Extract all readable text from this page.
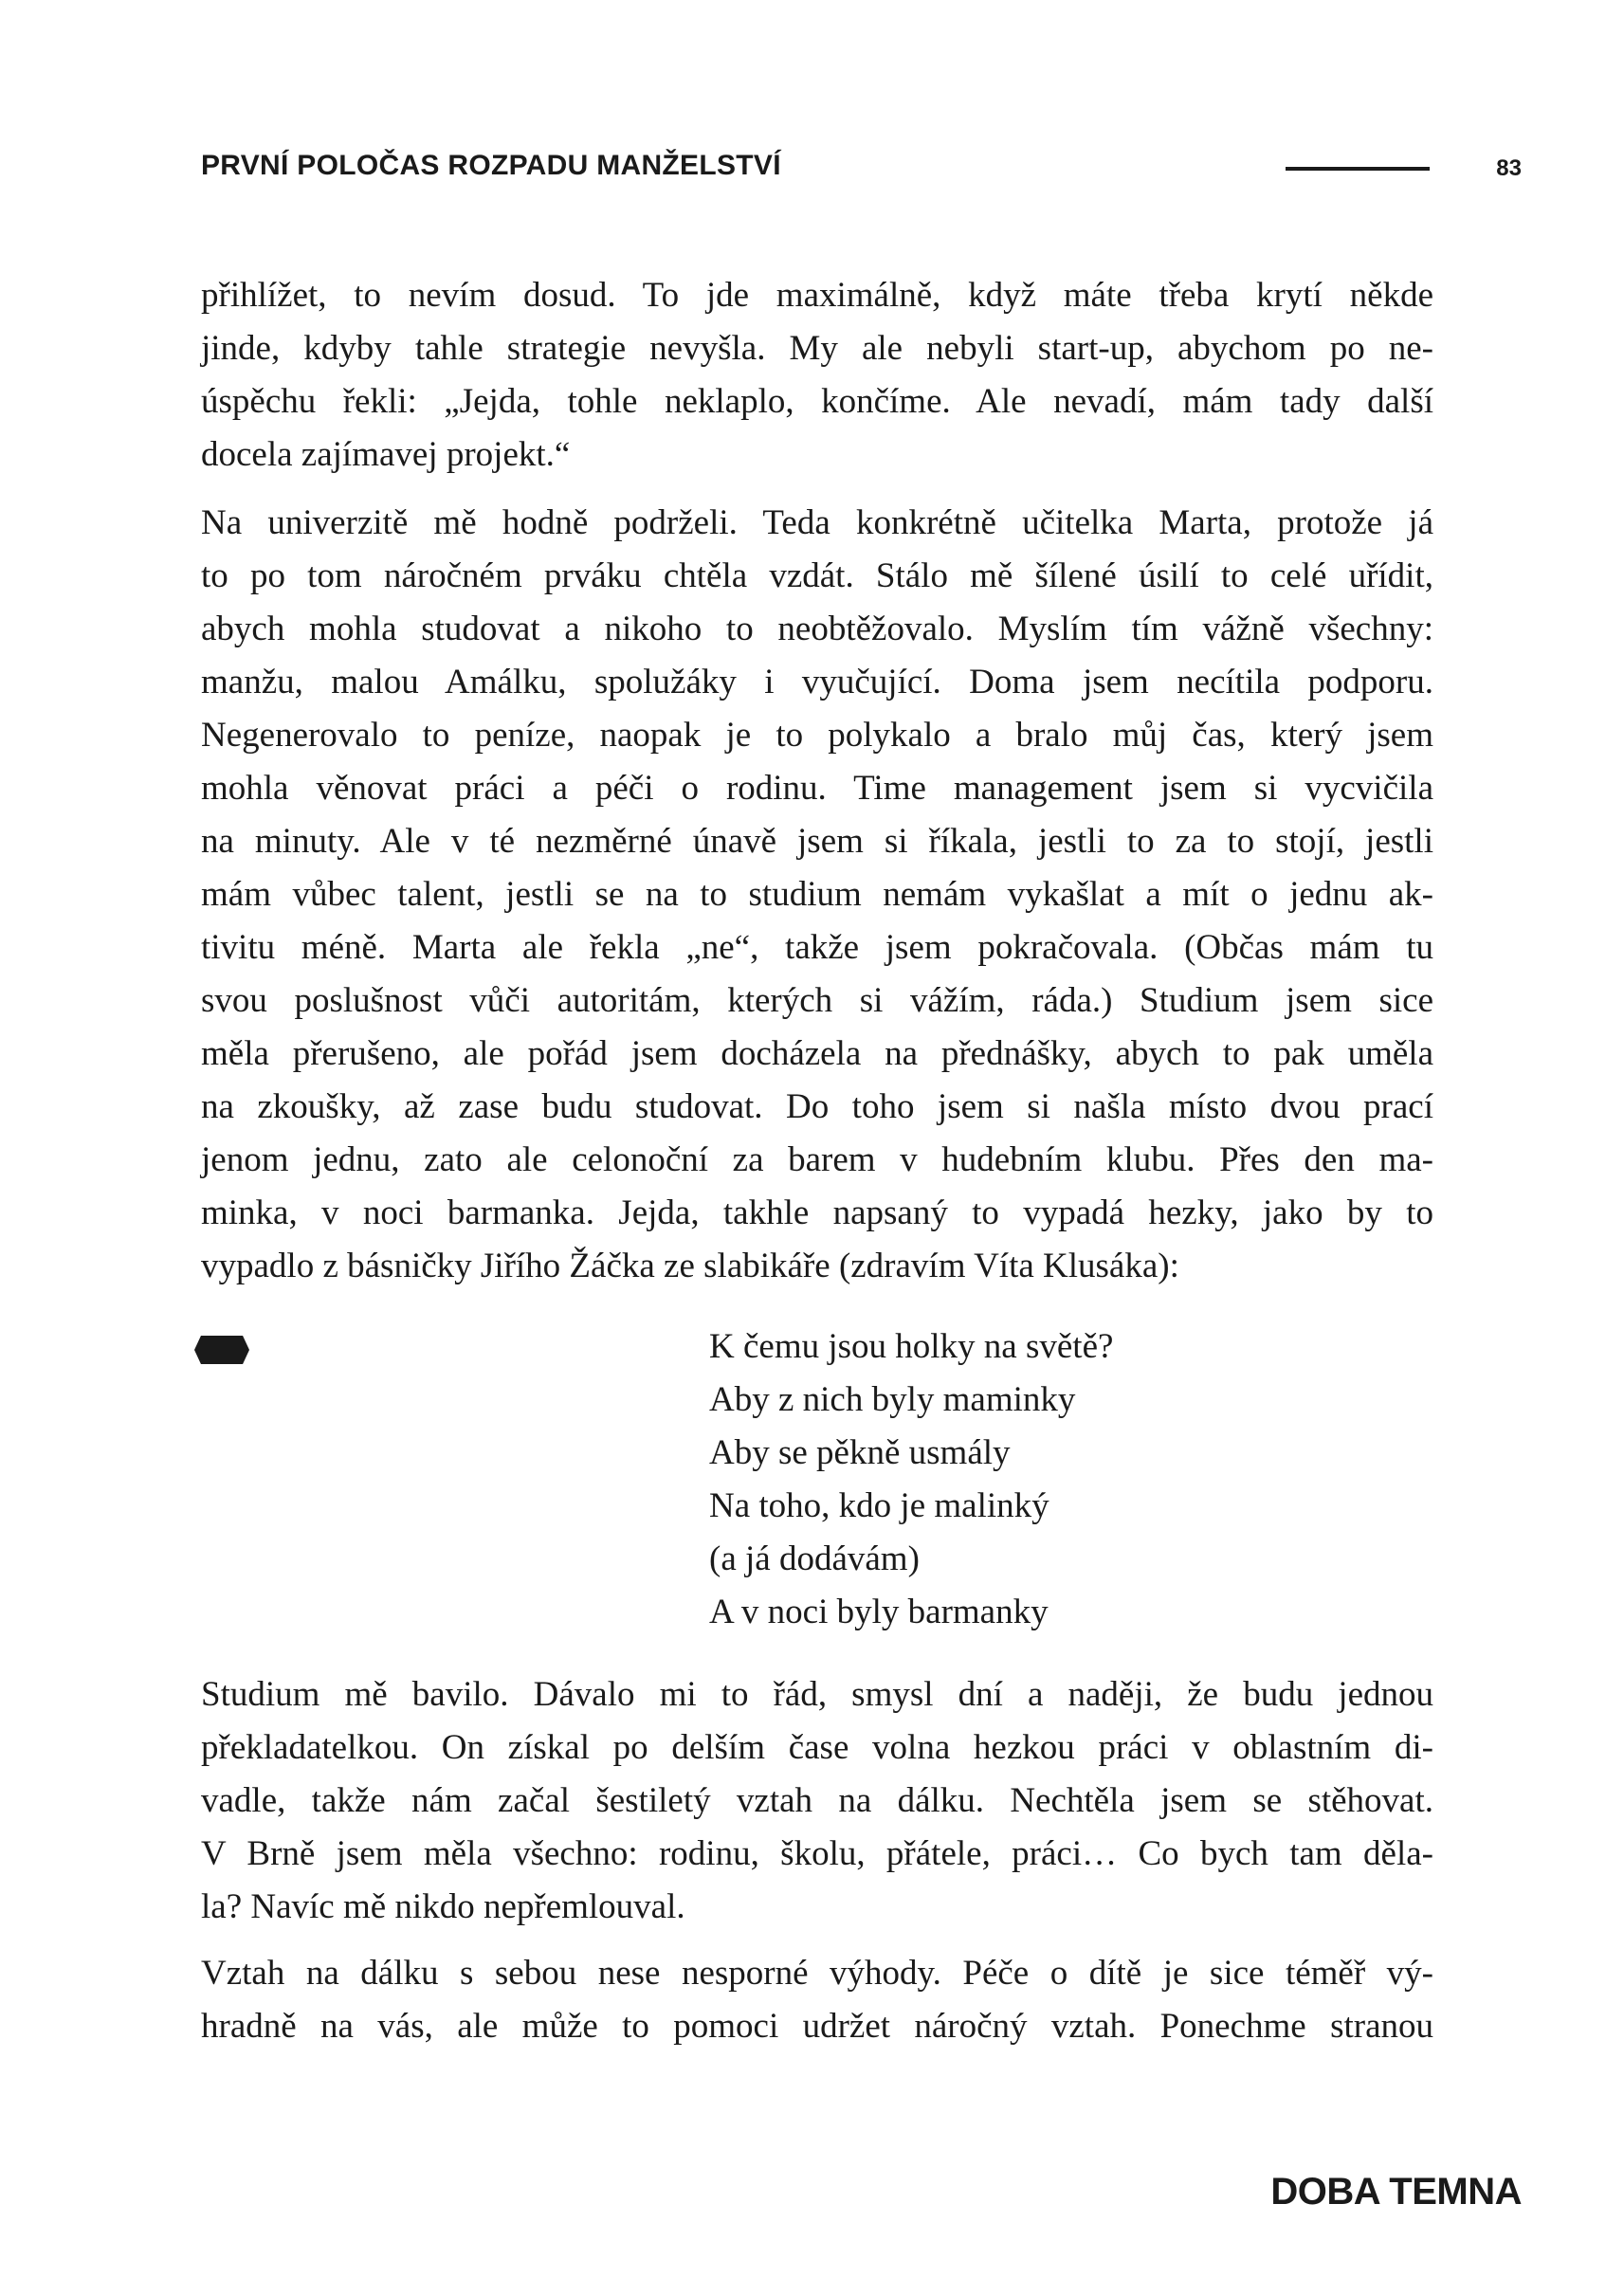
PRVNÍ POLOČAS ROZPADU MANŽELSTVÍ	83

přihlížet, to nevím dosud. To jde maximálně, když máte třeba krytí někde
jinde, kdyby tahle strategie nevyšla. My ale nebyli start-up, abychom po ne-
úspěchu řekli: „Jejda, tohle neklaplo, končíme. Ale nevadí, mám tady další
docela zajímavej projekt.“

Na univerzitě mě hodně podrželi. Teda konkrétně učitelka Marta, protože já
to po tom náročném prváku chtěla vzdát. Stálo mě šílené úsilí to celé uřídit,
abych mohla studovat a nikoho to neobtěžovalo. Myslím tím vážně všechny:
manžu, malou Amálku, spolužáky i vyučující. Doma jsem necítila podporu.
Negenerovalo to peníze, naopak je to polykalo a bralo můj čas, který jsem
mohla věnovat práci a péči o rodinu. Time management jsem si vycvičila
na minuty. Ale v té nezměrné únavě jsem si říkala, jestli to za to stojí, jestli
mám vůbec talent, jestli se na to studium nemám vykašlat a mít o jednu ak-
tivitu méně. Marta ale řekla „ne“, takže jsem pokračovala. (Občas mám tu
svou poslušnost vůči autoritám, kterých si vážím, ráda.) Studium jsem sice
měla přerušeno, ale pořád jsem docházela na přednášky, abych to pak uměla
na zkoušky, až zase budu studovat. Do toho jsem si našla místo dvou prací
jenom jednu, zato ale celonoční za barem v hudebním klubu. Přes den ma-
minka, v noci barmanka. Jejda, takhle napsaný to vypadá hezky, jako by to
vypadlo z básničky Jiřího Žáčka ze slabikáře (zdravím Víta Klusáka):

K čemu jsou holky na světě?
Aby z nich byly maminky
Aby se pěkně usmály
Na toho, kdo je malinký
(a já dodávám)
A v noci byly barmanky

Studium mě bavilo. Dávalo mi to řád, smysl dní a naději, že budu jednou
překladatelkou. On získal po delším čase volna hezkou práci v oblastním di-
vadle, takže nám začal šestiletý vztah na dálku. Nechtěla jsem se stěhovat.
V Brně jsem měla všechno: rodinu, školu, přátele, práci… Co bych tam děla-
la? Navíc mě nikdo nepřemlouval.

Vztah na dálku s sebou nese nesporné výhody. Péče o dítě je sice téměř vý-
hradně na vás, ale může to pomoci udržet náročný vztah. Ponechme stranou

DOBA TEMNA
